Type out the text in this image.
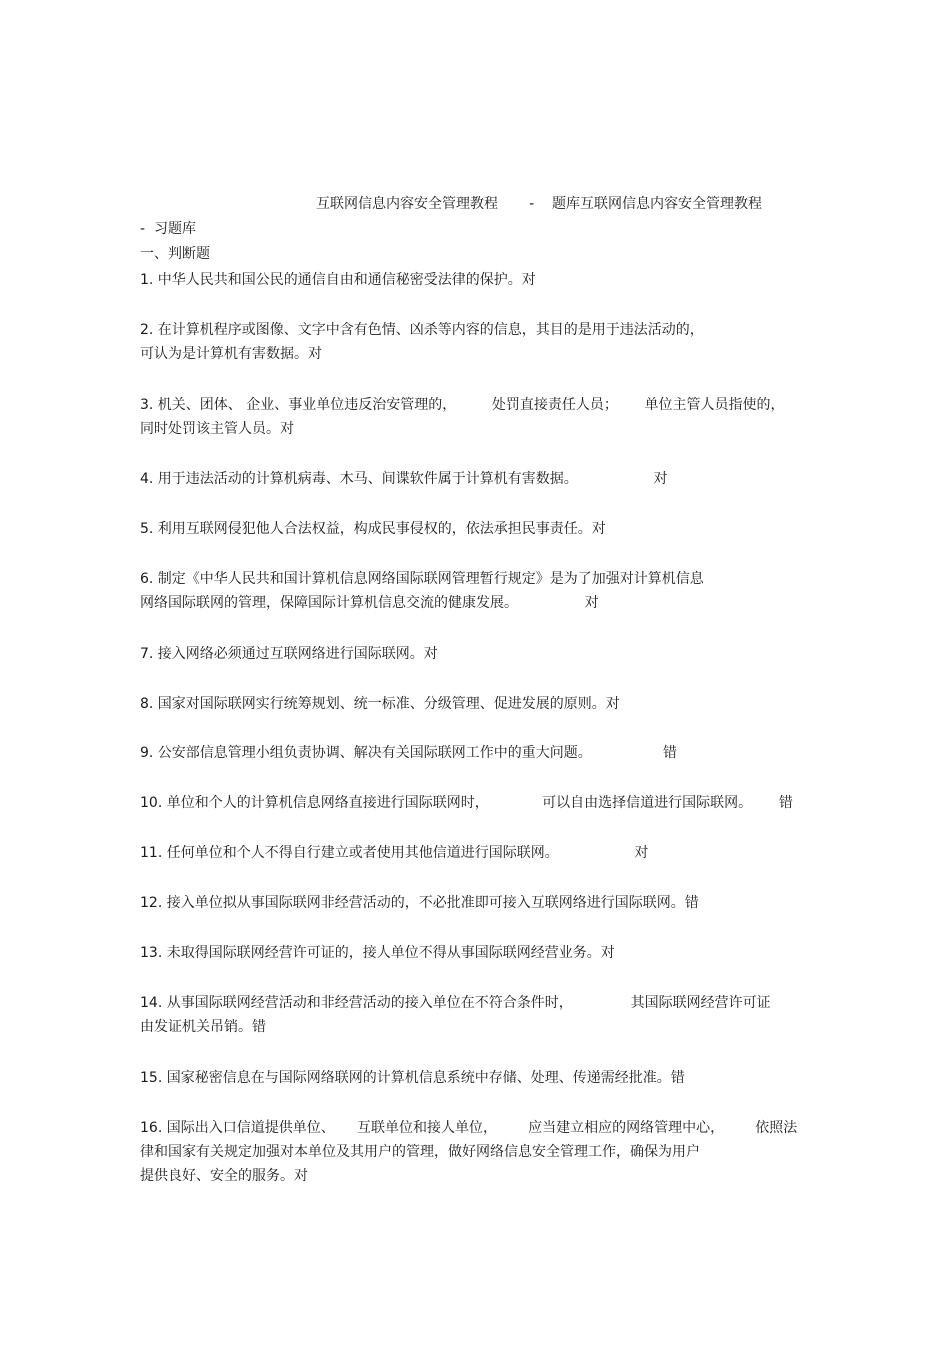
互联网信息内容安全管理教程 - 题库互联网信息内容安全管理教程
-  习题库
一、判断题
1. 中华人民共和国公民的通信自由和通信秘密受法律的保护。对
2. 在计算机程序或图像、文字中含有色情、凶杀等内容的信息，其目的是用于违法活动的，
可认为是计算机有害数据。对
3. 机关、团体、 企业、事业单位违反治安管理的，        处罚直接责任人员；      单位主管人员指使的，
同时处罚该主管人员。对
4. 用于违法活动的计算机病毒、木马、间谍软件属于计算机有害数据。                 对
5. 利用互联网侵犯他人合法权益，构成民事侵权的，依法承担民事责任。对
6. 制定《中华人民共和国计算机信息网络国际联网管理暂行规定》是为了加强对计算机信息
网络国际联网的管理，保障国际计算机信息交流的健康发展。               对
7. 接入网络必须通过互联网络进行国际联网。对
8. 国家对国际联网实行统筹规划、统一标准、分级管理、促进发展的原则。对
9. 公安部信息管理小组负责协调、解决有关国际联网工作中的重大问题。                错
10. 单位和个人的计算机信息网络直接进行国际联网时，            可以自由选择信道进行国际联网。      错
11. 任何单位和个人不得自行建立或者使用其他信道进行国际联网。                 对
12. 接入单位拟从事国际联网非经营活动的，不必批准即可接入互联网络进行国际联网。错
13. 未取得国际联网经营许可证的，接人单位不得从事国际联网经营业务。对
14. 从事国际联网经营活动和非经营活动的接入单位在不符合条件时，             其国际联网经营许可证
由发证机关吊销。错
15. 国家秘密信息在与国际网络联网的计算机信息系统中存储、处理、传递需经批准。错
16. 国际出入口信道提供单位、     互联单位和接人单位，       应当建立相应的网络管理中心，       依照法
律和国家有关规定加强对本单位及其用户的管理，做好网络信息安全管理工作，确保为用户
提供良好、安全的服务。对
